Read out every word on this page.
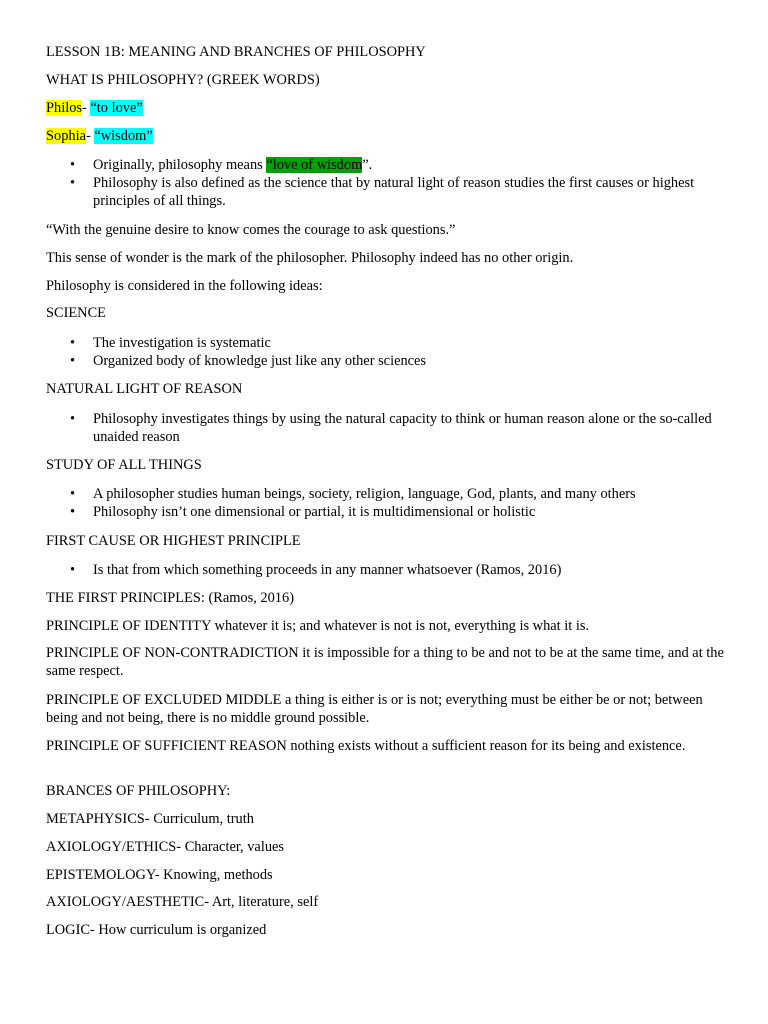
LESSON 1B: MEANING AND BRANCHES OF PHILOSOPHY
WHAT IS PHILOSOPHY? (GREEK WORDS)
Philos- “to love”
Sophia- “wisdom”
• Originally, philosophy means “love of wisdom”.
• Philosophy is also defined as the science that by natural light of reason studies the first causes or highest principles of all things.
“With the genuine desire to know comes the courage to ask questions.”
This sense of wonder is the mark of the philosopher. Philosophy indeed has no other origin.
Philosophy is considered in the following ideas:
SCIENCE
• The investigation is systematic
• Organized body of knowledge just like any other sciences
NATURAL LIGHT OF REASON
• Philosophy investigates things by using the natural capacity to think or human reason alone or the so-called unaided reason
STUDY OF ALL THINGS
• A philosopher studies human beings, society, religion, language, God, plants, and many others
• Philosophy isn’t one dimensional or partial, it is multidimensional or holistic
FIRST CAUSE OR HIGHEST PRINCIPLE
• Is that from which something proceeds in any manner whatsoever (Ramos, 2016)
THE FIRST PRINCIPLES: (Ramos, 2016)
PRINCIPLE OF IDENTITY whatever it is; and whatever is not is not, everything is what it is.
PRINCIPLE OF NON-CONTRADICTION it is impossible for a thing to be and not to be at the same time, and at the same respect.
PRINCIPLE OF EXCLUDED MIDDLE a thing is either is or is not; everything must be either be or not; between being and not being, there is no middle ground possible.
PRINCIPLE OF SUFFICIENT REASON nothing exists without a sufficient reason for its being and existence.
BRANCES OF PHILOSOPHY:
METAPHYSICS- Curriculum, truth
AXIOLOGY/ETHICS- Character, values
EPISTEMOLOGY- Knowing, methods
AXIOLOGY/AESTHETIC- Art, literature, self
LOGIC- How curriculum is organized
